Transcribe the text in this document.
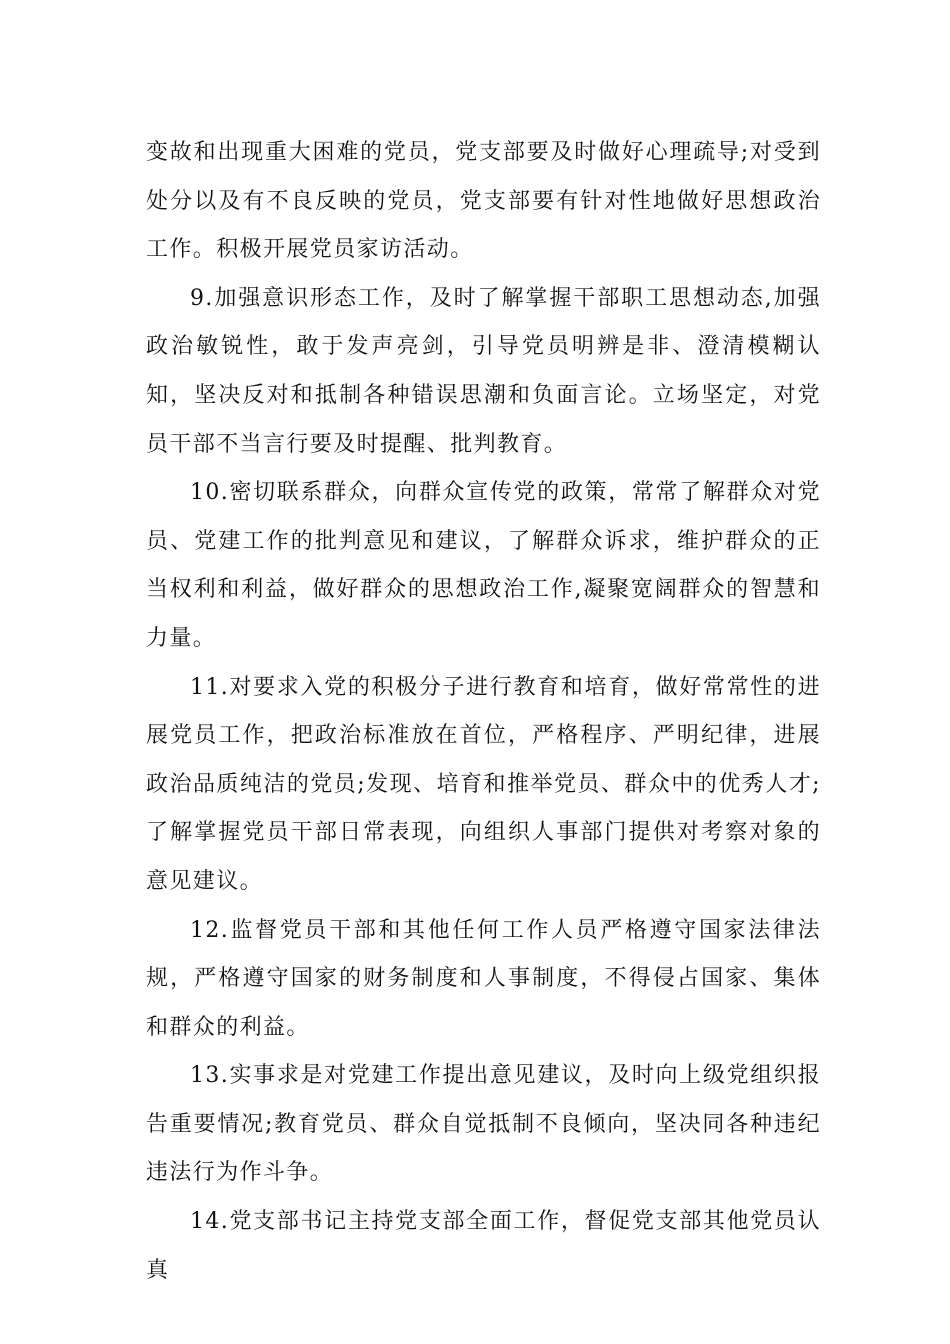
变故和出现重大困难的党员，党支部要及时做好心理疏导;对受到处分以及有不良反映的党员，党支部要有针对性地做好思想政治工作。积极开展党员家访活动。

9.加强意识形态工作，及时了解掌握干部职工思想动态,加强政治敏锐性，敢于发声亮剑，引导党员明辨是非、澄清模糊认知，坚决反对和抵制各种错误思潮和负面言论。立场坚定，对党员干部不当言行要及时提醒、批判教育。

10.密切联系群众，向群众宣传党的政策，常常了解群众对党员、党建工作的批判意见和建议，了解群众诉求，维护群众的正当权利和利益，做好群众的思想政治工作,凝聚宽阔群众的智慧和力量。

11.对要求入党的积极分子进行教育和培育，做好常常性的进展党员工作，把政治标准放在首位，严格程序、严明纪律，进展政治品质纯洁的党员;发现、培育和推举党员、群众中的优秀人才;了解掌握党员干部日常表现，向组织人事部门提供对考察对象的意见建议。

12.监督党员干部和其他任何工作人员严格遵守国家法律法规，严格遵守国家的财务制度和人事制度，不得侵占国家、集体和群众的利益。

13.实事求是对党建工作提出意见建议，及时向上级党组织报告重要情况;教育党员、群众自觉抵制不良倾向，坚决同各种违纪违法行为作斗争。

14.党支部书记主持党支部全面工作，督促党支部其他党员认真
